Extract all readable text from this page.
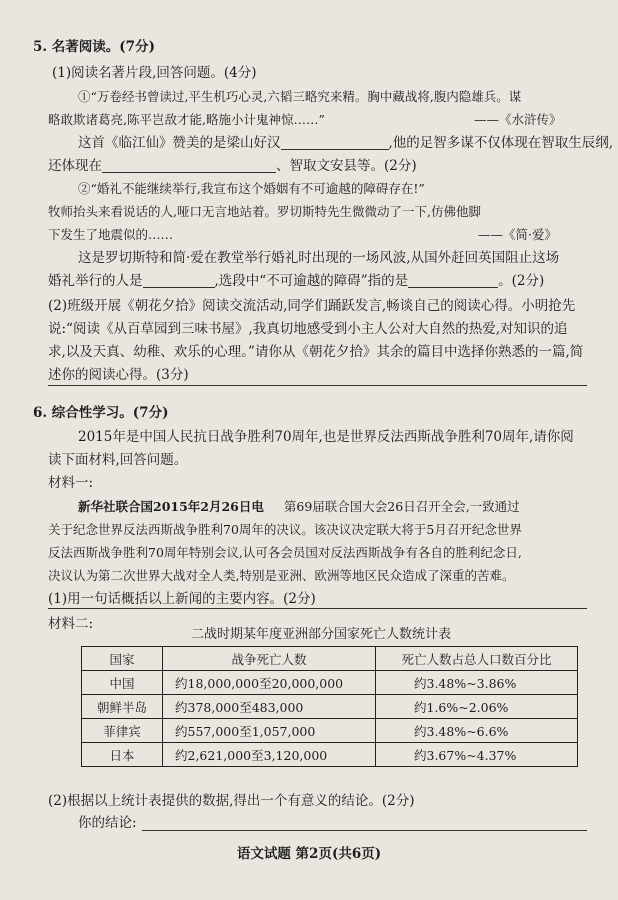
5. 名著阅读。(7分)
(1)阅读名著片段,回答问题。(4分)
①“万卷经书曾读过,平生机巧心灵,六韬三略究来精。胸中藏战将,腹内隐雄兵。谋
略敢欺诸葛亮,陈平岂敌才能,略施小计鬼神惊……”	——《水浒传》
这首《临江仙》赞美的是梁山好汉	,他的足智多谋不仅体现在智取生辰纲,
还体现在	、智取文安县等。(2分)
②“婚礼不能继续举行,我宣布这个婚姻有不可逾越的障碍存在!”
牧师抬头来看说话的人,哑口无言地站着。罗切斯特先生微微动了一下,仿佛他脚
下发生了地震似的……	——《简·爱》
这是罗切斯特和简·爱在教堂举行婚礼时出现的一场风波,从国外赶回英国阻止这场
婚礼举行的人是	,选段中“不可逾越的障碍”指的是	。(2分)
(2)班级开展《朝花夕拾》阅读交流活动,同学们踊跃发言,畅谈自己的阅读心得。小明抢先
说:“阅读《从百草园到三味书屋》,我真切地感受到小主人公对大自然的热爱,对知识的追
求,以及天真、幼稚、欢乐的心理。”请你从《朝花夕拾》其余的篇目中选择你熟悉的一篇,简
述你的阅读心得。(3分)
6. 综合性学习。(7分)
2015年是中国人民抗日战争胜利70周年,也是世界反法西斯战争胜利70周年,请你阅
读下面材料,回答问题。
材料一:
新华社联合国2015年2月26日电 第69届联合国大会26日召开全会,一致通过
关于纪念世界反法西斯战争胜利70周年的决议。该决议决定联大将于5月召开纪念世界
反法西斯战争胜利70周年特别会议,认可各会员国对反法西斯战争有各自的胜利纪念日,
决议认为第二次世界大战对全人类,特别是亚洲、欧洲等地区民众造成了深重的苦难。
(1)用一句话概括以上新闻的主要内容。(2分)
材料二:
二战时期某年度亚洲部分国家死亡人数统计表
国家	战争死亡人数	死亡人数占总人口数百分比
中国	约18,000,000至20,000,000	约3.48%~3.86%
朝鲜半岛	约378,000至483,000	约1.6%~2.06%
菲律宾	约557,000至1,057,000	约3.48%~6.6%
日本	约2,621,000至3,120,000	约3.67%~4.37%
(2)根据以上统计表提供的数据,得出一个有意义的结论。(2分)
你的结论:
语文试题 第2页(共6页)
